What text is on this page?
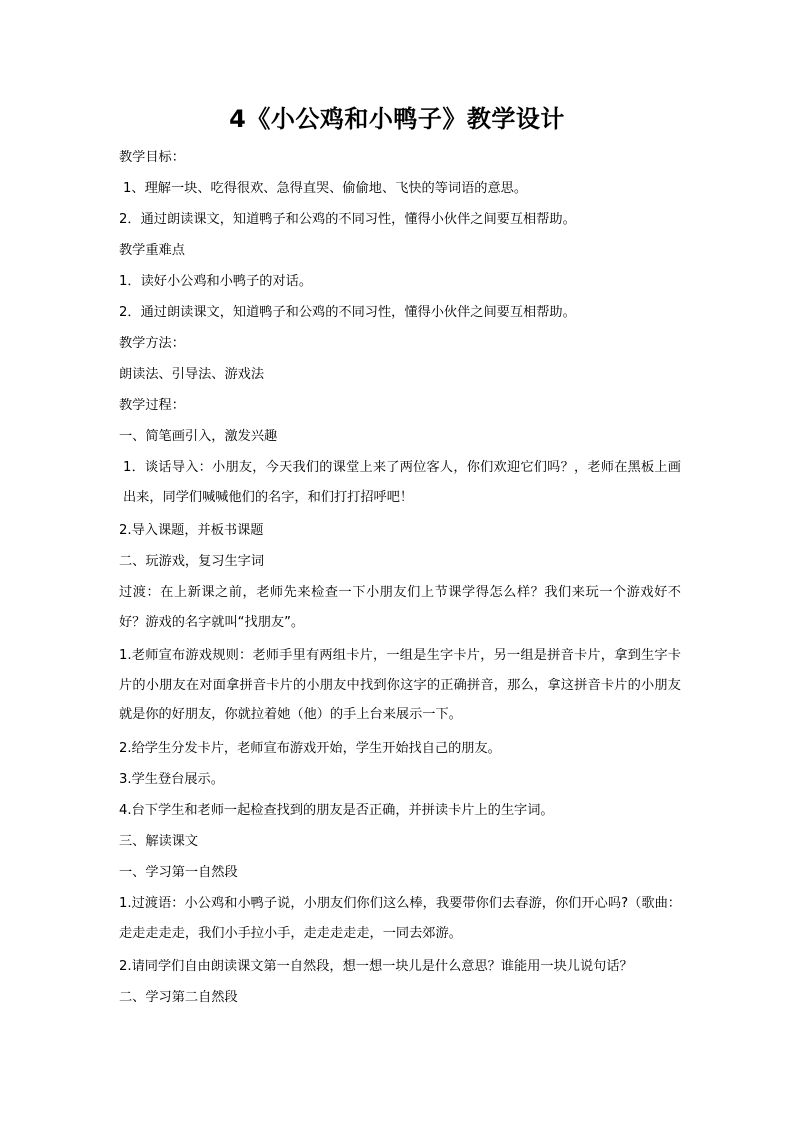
4《小公鸡和小鸭子》教学设计
教学目标：
1、理解一块、吃得很欢、急得直哭、偷偷地、飞快的等词语的意思。
2．通过朗读课文，知道鸭子和公鸡的不同习性，懂得小伙伴之间要互相帮助。
教学重难点
1．读好小公鸡和小鸭子的对话。
2．通过朗读课文，知道鸭子和公鸡的不同习性，懂得小伙伴之间要互相帮助。
教学方法：
朗读法、引导法、游戏法
教学过程：
一、简笔画引入，激发兴趣
1．谈话导入：小朋友，今天我们的课堂上来了两位客人，你们欢迎它们吗？，老师在黑板上画出来，同学们喊喊他们的名字，和们打打招呼吧！
2.导入课题，并板书课题
二、玩游戏，复习生字词
过渡：在上新课之前，老师先来检查一下小朋友们上节课学得怎么样？我们来玩一个游戏好不好？游戏的名字就叫“找朋友”。
1.老师宣布游戏规则：老师手里有两组卡片，一组是生字卡片，另一组是拼音卡片，拿到生字卡片的小朋友在对面拿拼音卡片的小朋友中找到你这字的正确拼音，那么，拿这拼音卡片的小朋友就是你的好朋友，你就拉着她（他）的手上台来展示一下。
2.给学生分发卡片，老师宣布游戏开始，学生开始找自己的朋友。
3.学生登台展示。
4.台下学生和老师一起检查找到的朋友是否正确，并拼读卡片上的生字词。
三、解读课文
一、学习第一自然段
1.过渡语：小公鸡和小鸭子说，小朋友们你们这么棒，我要带你们去春游，你们开心吗?（歌曲：走走走走走，我们小手拉小手，走走走走走，一同去郊游。
2.请同学们自由朗读课文第一自然段，想一想一块儿是什么意思？谁能用一块儿说句话？
二、学习第二自然段
